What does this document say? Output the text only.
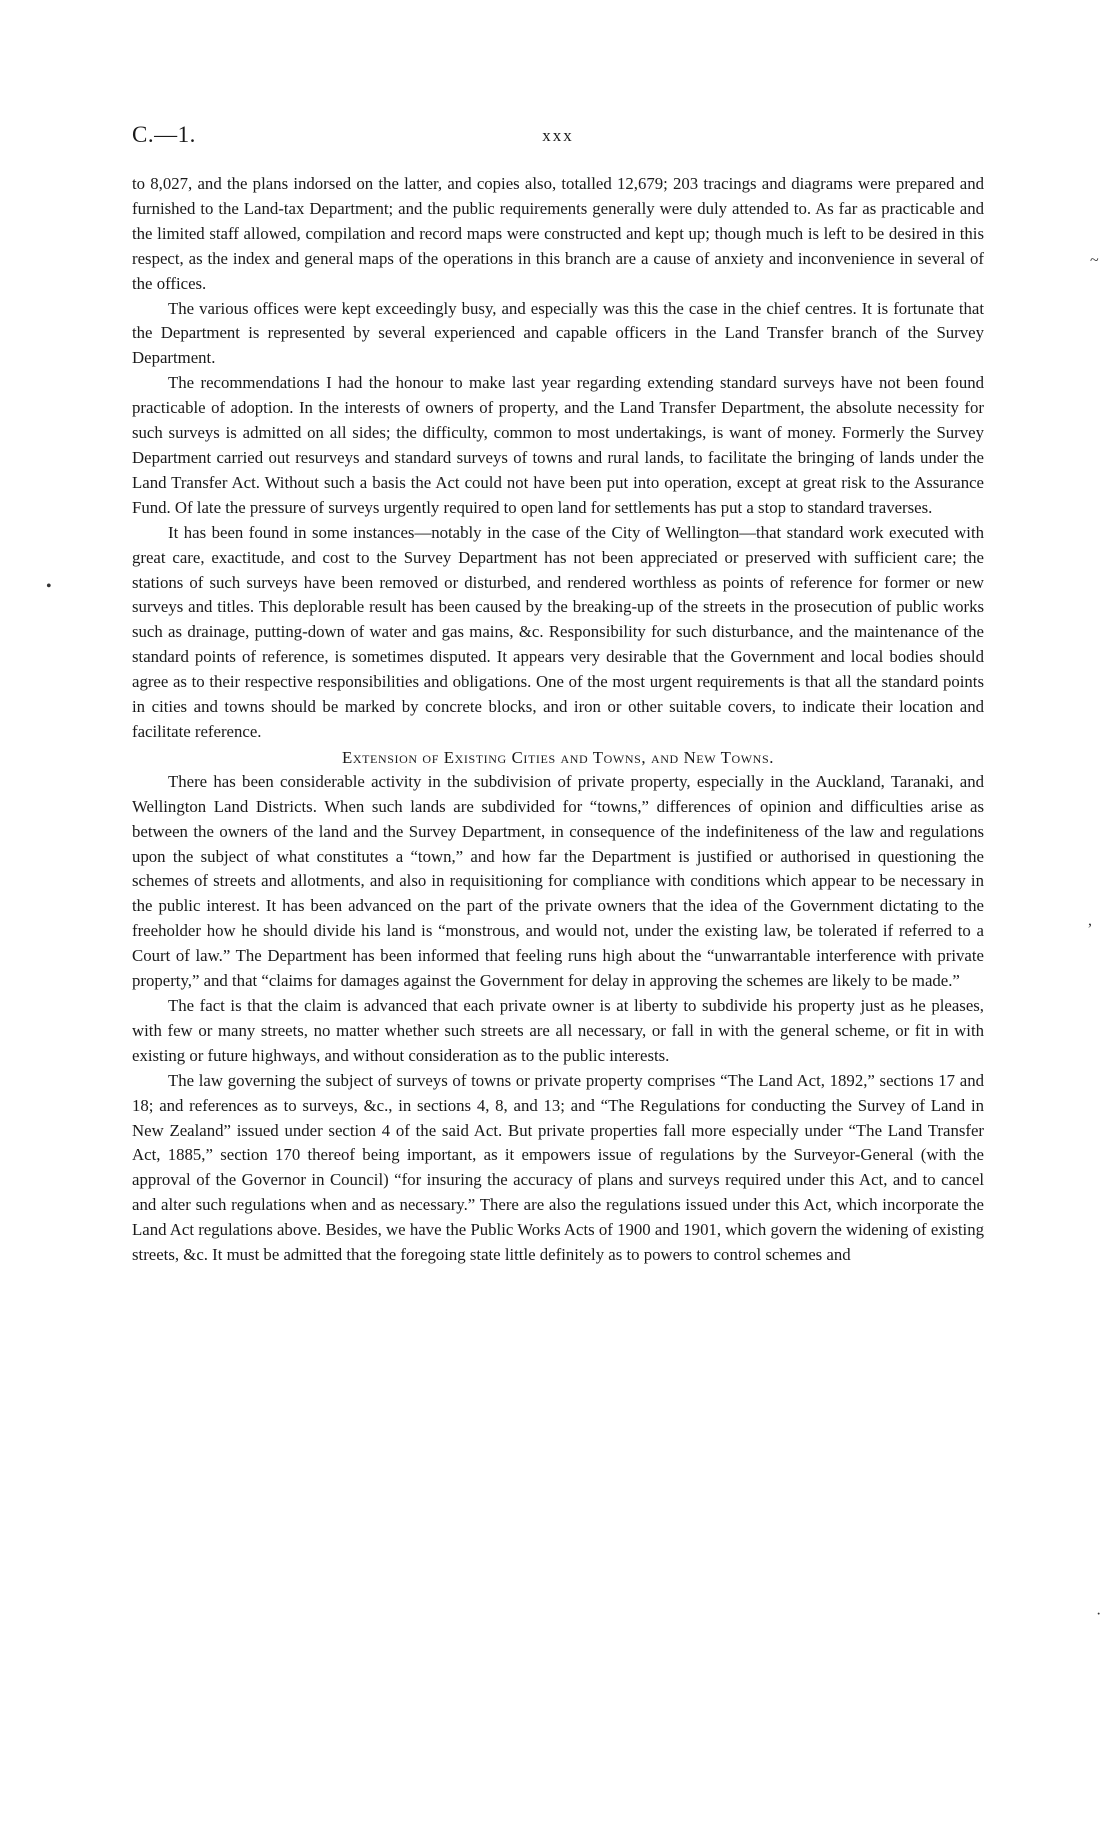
C.—1.	xxx

to 8,027, and the plans indorsed on the latter, and copies also, totalled 12,679; 203 tracings and diagrams were prepared and furnished to the Land-tax Department; and the public requirements generally were duly attended to. As far as practicable and the limited staff allowed, compilation and record maps were constructed and kept up; though much is left to be desired in this respect, as the index and general maps of the operations in this branch are a cause of anxiety and inconvenience in several of the offices.

The various offices were kept exceedingly busy, and especially was this the case in the chief centres. It is fortunate that the Department is represented by several experienced and capable officers in the Land Transfer branch of the Survey Department.

The recommendations I had the honour to make last year regarding extending standard surveys have not been found practicable of adoption. In the interests of owners of property, and the Land Transfer Department, the absolute necessity for such surveys is admitted on all sides; the difficulty, common to most undertakings, is want of money. Formerly the Survey Department carried out resurveys and standard surveys of towns and rural lands, to facilitate the bringing of lands under the Land Transfer Act. Without such a basis the Act could not have been put into operation, except at great risk to the Assurance Fund. Of late the pressure of surveys urgently required to open land for settlements has put a stop to standard traverses.

It has been found in some instances—notably in the case of the City of Wellington—that standard work executed with great care, exactitude, and cost to the Survey Department has not been appreciated or preserved with sufficient care; the stations of such surveys have been removed or disturbed, and rendered worthless as points of reference for former or new surveys and titles. This deplorable result has been caused by the breaking-up of the streets in the prosecution of public works such as drainage, putting-down of water and gas mains, &c. Responsibility for such disturbance, and the maintenance of the standard points of reference, is sometimes disputed. It appears very desirable that the Government and local bodies should agree as to their respective responsibilities and obligations. One of the most urgent requirements is that all the standard points in cities and towns should be marked by concrete blocks, and iron or other suitable covers, to indicate their location and facilitate reference.

Extension of Existing Cities and Towns, and New Towns.

There has been considerable activity in the subdivision of private property, especially in the Auckland, Taranaki, and Wellington Land Districts. When such lands are subdivided for “towns,” differences of opinion and difficulties arise as between the owners of the land and the Survey Department, in consequence of the indefiniteness of the law and regulations upon the subject of what constitutes a “town,” and how far the Department is justified or authorised in questioning the schemes of streets and allotments, and also in requisitioning for compliance with conditions which appear to be necessary in the public interest. It has been advanced on the part of the private owners that the idea of the Government dictating to the freeholder how he should divide his land is “monstrous, and would not, under the existing law, be tolerated if referred to a Court of law.” The Department has been informed that feeling runs high about the “unwarrantable interference with private property,” and that “claims for damages against the Government for delay in approving the schemes are likely to be made.”

The fact is that the claim is advanced that each private owner is at liberty to subdivide his property just as he pleases, with few or many streets, no matter whether such streets are all necessary, or fall in with the general scheme, or fit in with existing or future highways, and without consideration as to the public interests.

The law governing the subject of surveys of towns or private property comprises “The Land Act, 1892,” sections 17 and 18; and references as to surveys, &c., in sections 4, 8, and 13; and “The Regulations for conducting the Survey of Land in New Zealand” issued under section 4 of the said Act. But private properties fall more especially under “The Land Transfer Act, 1885,” section 170 thereof being important, as it empowers issue of regulations by the Surveyor-General (with the approval of the Governor in Council) “for insuring the accuracy of plans and surveys required under this Act, and to cancel and alter such regulations when and as necessary.” There are also the regulations issued under this Act, which incorporate the Land Act regulations above. Besides, we have the Public Works Acts of 1900 and 1901, which govern the widening of existing streets, &c. It must be admitted that the foregoing state little definitely as to powers to control schemes and

~
,
·
•
